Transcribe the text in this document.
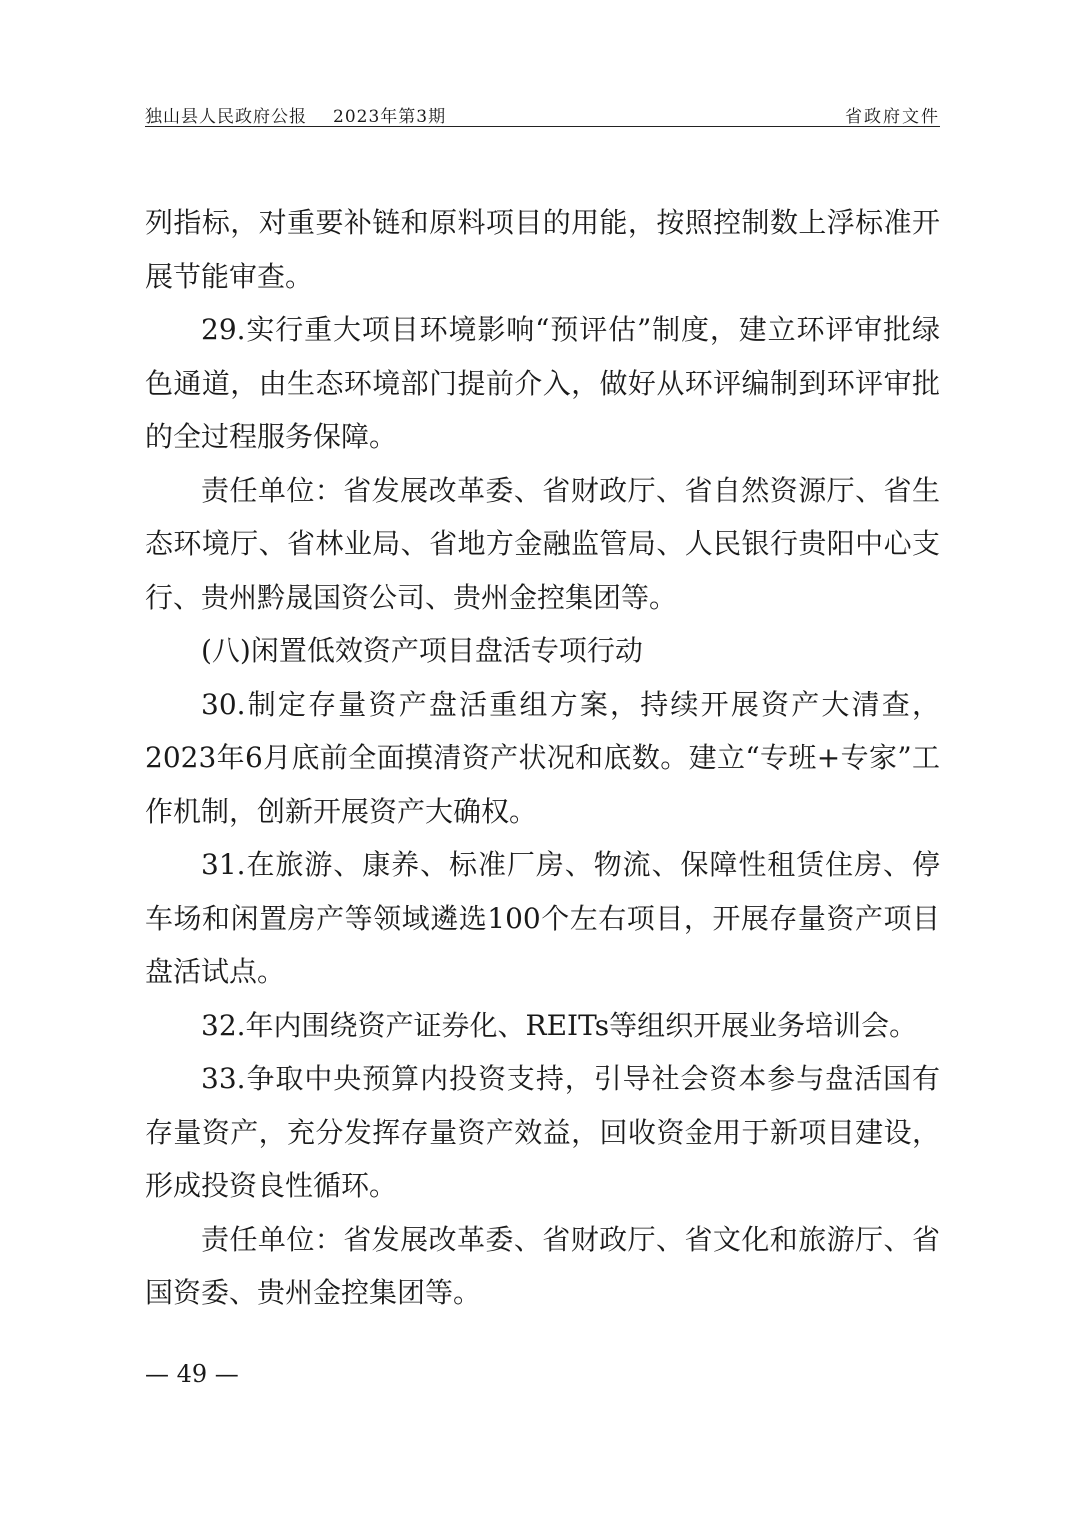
独山县人民政府公报 2023年第3期	省政府文件

列指标，对重要补链和原料项目的用能，按照控制数上浮标准开展节能审查。

29.实行重大项目环境影响“预评估”制度，建立环评审批绿色通道，由生态环境部门提前介入，做好从环评编制到环评审批的全过程服务保障。

责任单位：省发展改革委、省财政厅、省自然资源厅、省生态环境厅、省林业局、省地方金融监管局、人民银行贵阳中心支行、贵州黔晟国资公司、贵州金控集团等。

(八)闲置低效资产项目盘活专项行动

30.制定存量资产盘活重组方案，持续开展资产大清查，2023年6月底前全面摸清资产状况和底数。建立“专班+专家”工作机制，创新开展资产大确权。

31.在旅游、康养、标准厂房、物流、保障性租赁住房、停车场和闲置房产等领域遴选100个左右项目，开展存量资产项目盘活试点。

32.年内围绕资产证券化、REITs等组织开展业务培训会。

33.争取中央预算内投资支持，引导社会资本参与盘活国有存量资产，充分发挥存量资产效益，回收资金用于新项目建设，形成投资良性循环。

责任单位：省发展改革委、省财政厅、省文化和旅游厅、省国资委、贵州金控集团等。

— 49 —
